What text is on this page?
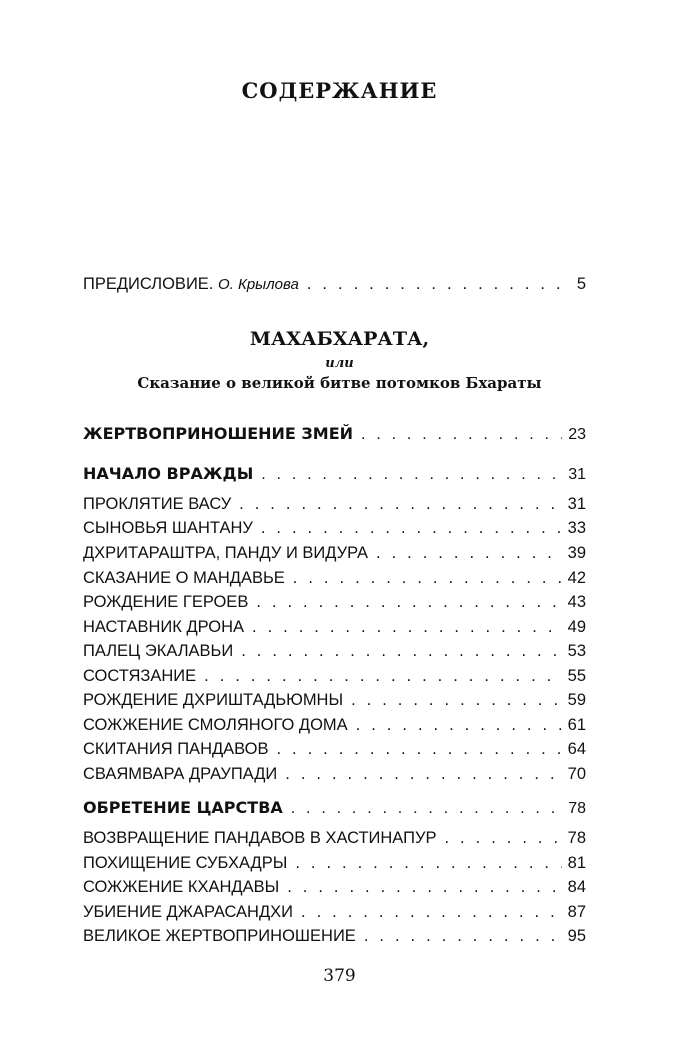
СОДЕРЖАНИЕ
ПРЕДИСЛОВИЕ. О. Крылова . . .	5
ЖЕРТВОПРИНОШЕНИЕ ЗМЕЙ . . .	23
НАЧАЛО ВРАЖДЫ . . .	31
ПРОКЛЯТИЕ ВАСУ . . .	31
СЫНОВЬЯ ШАНТАНУ . . .	33
ДХРИТАРАШТРА, ПАНДУ И ВИДУРА . . .	39
СКАЗАНИЕ О МАНДАВЬЕ . . .	42
РОЖДЕНИЕ ГЕРОЕВ . . .	43
НАСТАВНИК ДРОНА . . .	49
ПАЛЕЦ ЭКАЛАВЬИ . . .	53
СОСТЯЗАНИЕ . . .	55
РОЖДЕНИЕ ДХРИШТАДЬЮМНЫ . . .	59
СОЖЖЕНИЕ СМОЛЯНОГО ДОМА . . .	61
СКИТАНИЯ ПАНДАВОВ . . .	64
СВАЯМВАРА ДРАУПАДИ . . .	70
ОБРЕТЕНИЕ ЦАРСТВА . . .	78
ВОЗВРАЩЕНИЕ ПАНДАВОВ В ХАСТИНАПУР . . .	78
ПОХИЩЕНИЕ СУБХАДРЫ . . .	81
СОЖЖЕНИЕ КХАНДАВЫ . . .	84
УБИЕНИЕ ДЖАРАСАНДХИ . . .	87
ВЕЛИКОЕ ЖЕРТВОПРИНОШЕНИЕ . . .	95
МАХАБХАРАТА,
или
Сказание о великой битве потомков Бхараты
379
